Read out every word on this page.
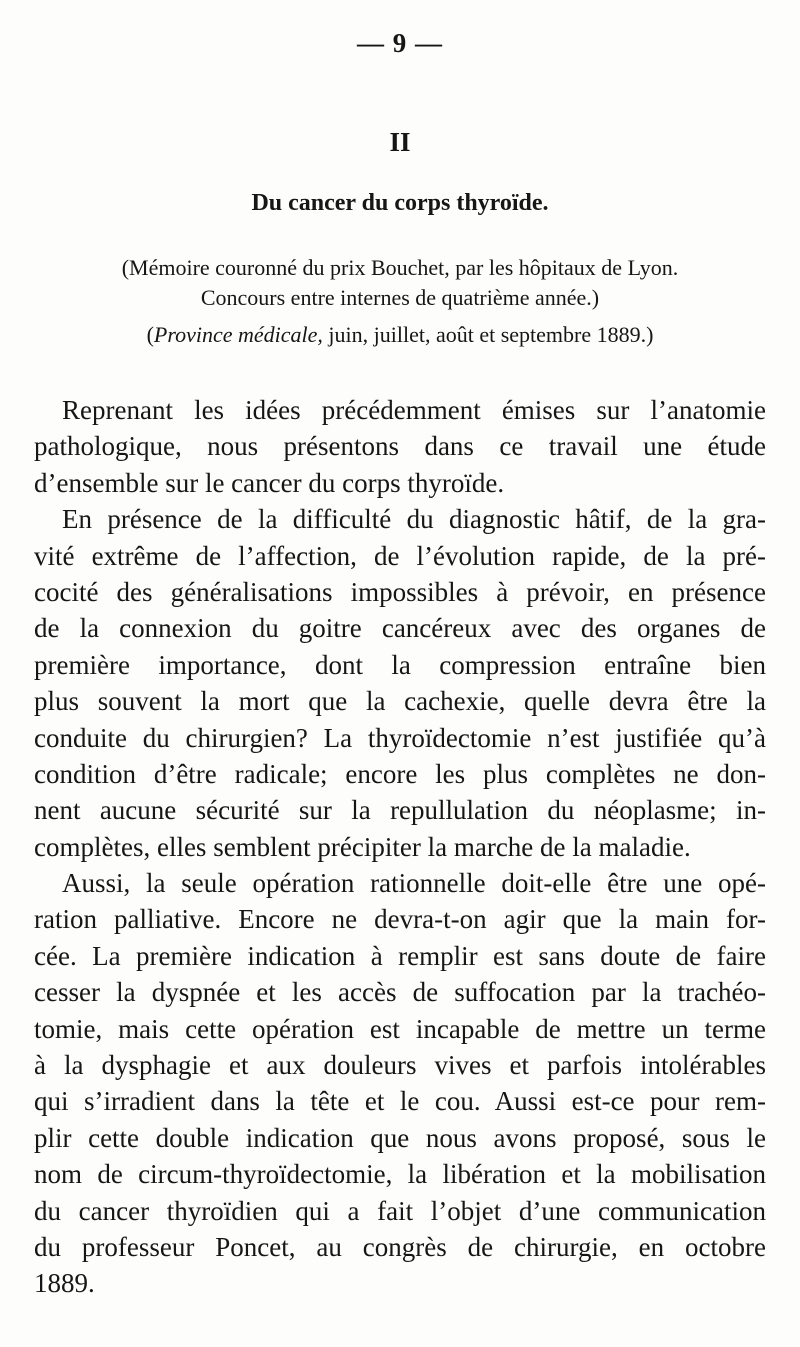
— 9 —
II
Du cancer du corps thyroïde.
(Mémoire couronné du prix Bouchet, par les hôpitaux de Lyon.
Concours entre internes de quatrième année.)
(Province médicale, juin, juillet, août et septembre 1889.)
Reprenant les idées précédemment émises sur l’anatomie
pathologique, nous présentons dans ce travail une étude
d’ensemble sur le cancer du corps thyroïde.
En présence de la difficulté du diagnostic hâtif, de la gra-
vité extrême de l’affection, de l’évolution rapide, de la pré-
cocité des généralisations impossibles à prévoir, en présence
de la connexion du goitre cancéreux avec des organes de
première importance, dont la compression entraîne bien
plus souvent la mort que la cachexie, quelle devra être la
conduite du chirurgien? La thyroïdectomie n’est justifiée qu’à
condition d’être radicale; encore les plus complètes ne don-
nent aucune sécurité sur la repullulation du néoplasme; in-
complètes, elles semblent précipiter la marche de la maladie.
Aussi, la seule opération rationnelle doit-elle être une opé-
ration palliative. Encore ne devra-t-on agir que la main for-
cée. La première indication à remplir est sans doute de faire
cesser la dyspnée et les accès de suffocation par la trachéo-
tomie, mais cette opération est incapable de mettre un terme
à la dysphagie et aux douleurs vives et parfois intolérables
qui s’irradient dans la tête et le cou. Aussi est-ce pour rem-
plir cette double indication que nous avons proposé, sous le
nom de circum-thyroïdectomie, la libération et la mobilisation
du cancer thyroïdien qui a fait l’objet d’une communication
du professeur Poncet, au congrès de chirurgie, en octobre
1889.
